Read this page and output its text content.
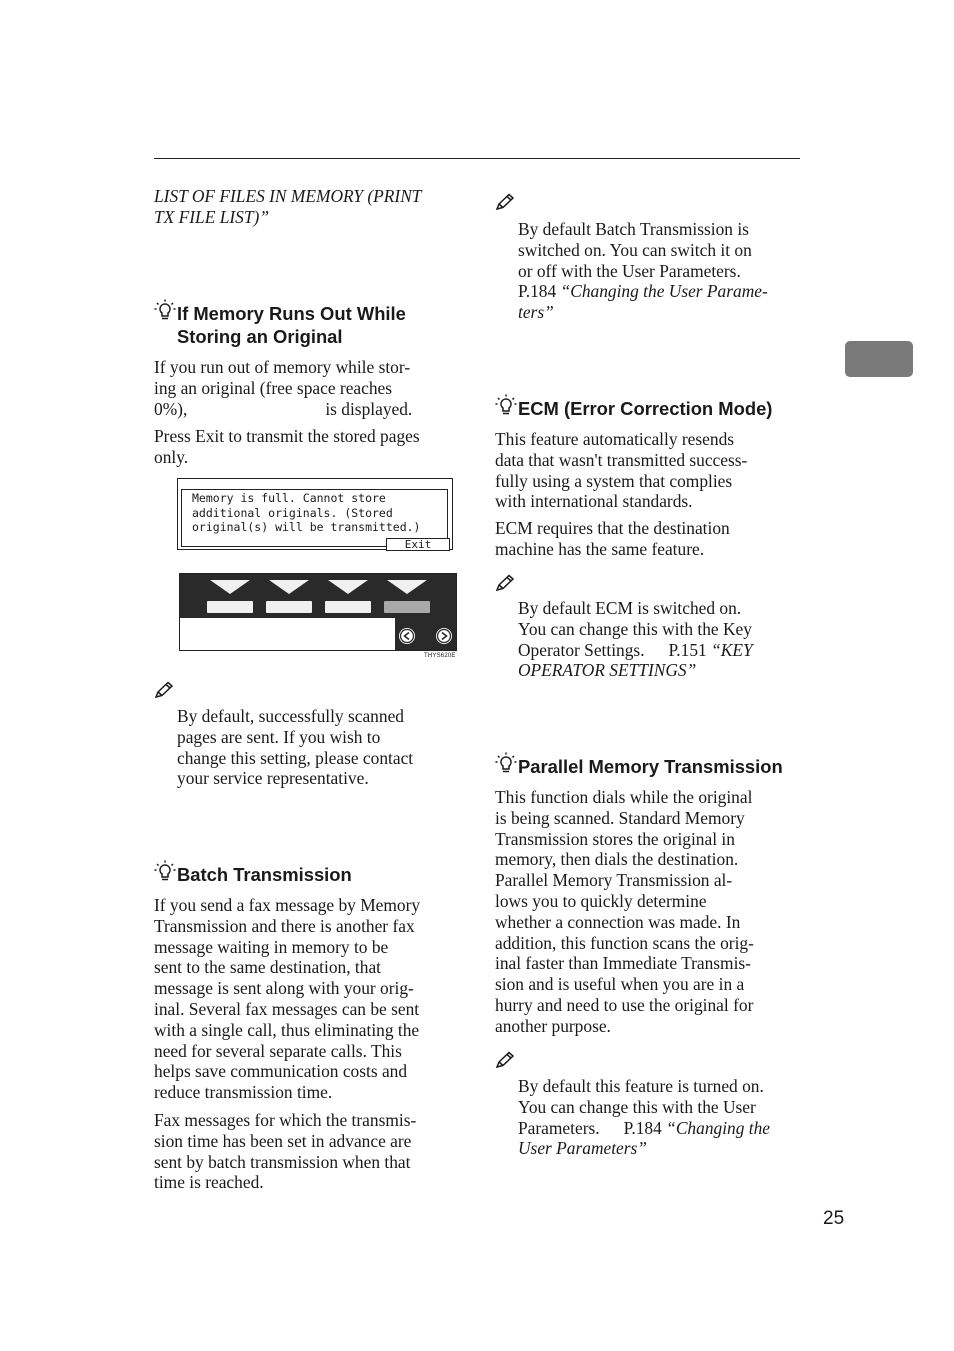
LIST OF FILES IN MEMORY (PRINT
TX FILE LIST)”
If Memory Runs Out While
Storing an Original
If you run out of memory while stor-
ing an original (free space reaches
0%),	is displayed.
Press Exit to transmit the stored pages
only.
Memory is full. Cannot store
additional originals. (Stored
original(s) will be transmitted.)
Exit
THYS620E
By default, successfully scanned
pages are sent. If you wish to
change this setting, please contact
your service representative.
Batch Transmission
If you send a fax message by Memory
Transmission and there is another fax
message waiting in memory to be
sent to the same destination, that
message is sent along with your orig-
inal. Several fax messages can be sent
with a single call, thus eliminating the
need for several separate calls. This
helps save communication costs and
reduce transmission time.
Fax messages for which the transmis-
sion time has been set in advance are
sent by batch transmission when that
time is reached.
By default Batch Transmission is
switched on. You can switch it on
or off with the User Parameters.
P.184 “Changing the User Parame-
ters”
ECM (Error Correction Mode)
This feature automatically resends
data that wasn't transmitted success-
fully using a system that complies
with international standards.
ECM requires that the destination
machine has the same feature.
By default ECM is switched on.
You can change this with the Key
Operator Settings. P.151 “KEY
OPERATOR SETTINGS”
Parallel Memory Transmission
This function dials while the original
is being scanned. Standard Memory
Transmission stores the original in
memory, then dials the destination.
Parallel Memory Transmission al-
lows you to quickly determine
whether a connection was made. In
addition, this function scans the orig-
inal faster than Immediate Transmis-
sion and is useful when you are in a
hurry and need to use the original for
another purpose.
By default this feature is turned on.
You can change this with the User
Parameters. P.184 “Changing the
User Parameters”
25
